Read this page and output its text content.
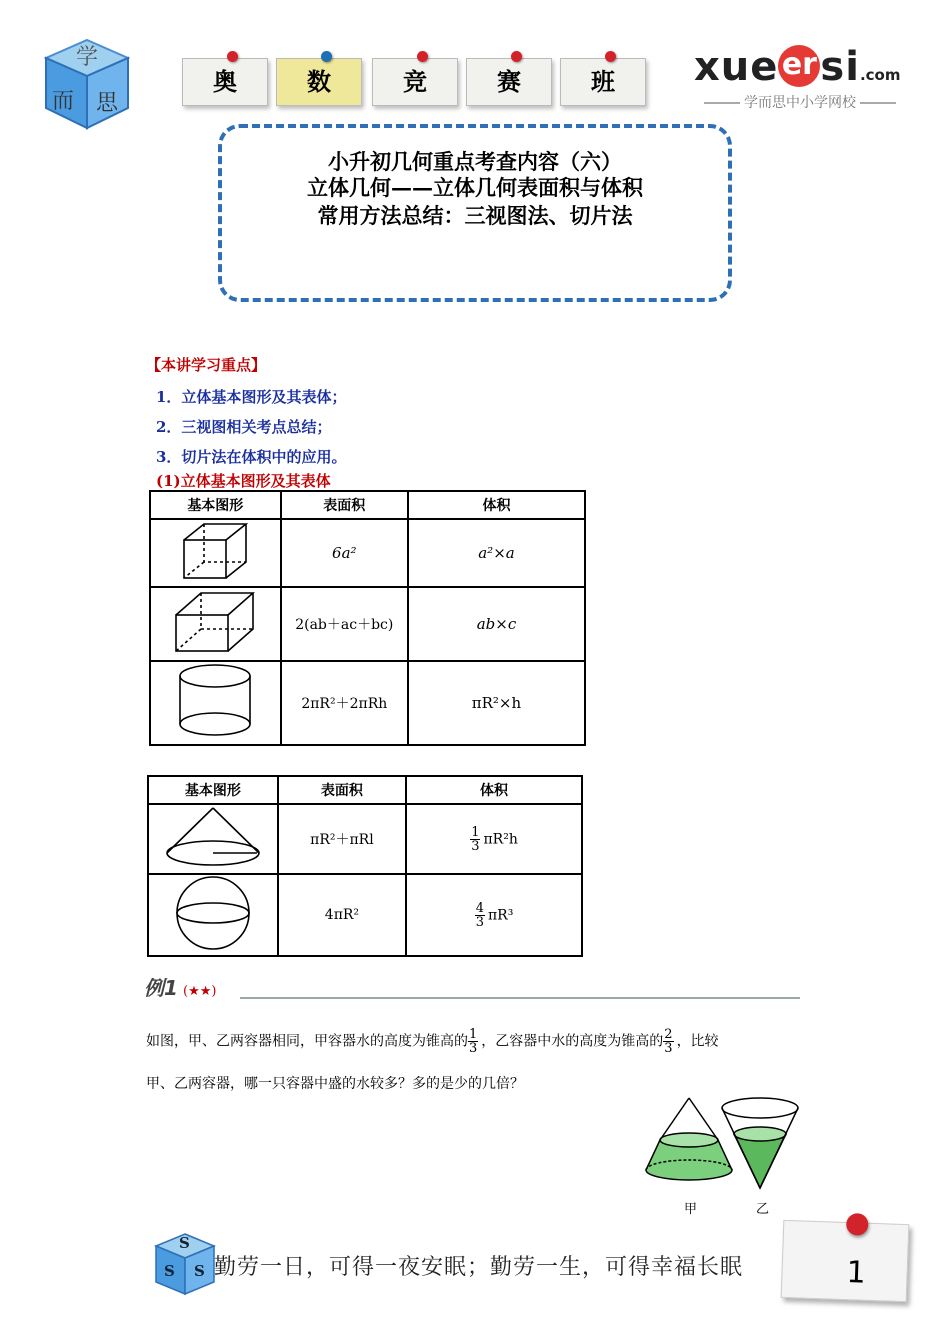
学
而 思
奥	数	竞	赛	班	xue ersi.com
学而思中小学网校
小升初几何重点考查内容（六）
立体几何——立体几何表面积与体积
常用方法总结：三视图法、切片法
【本讲学习重点】
1．立体基本图形及其表体；
2．三视图相关考点总结；
3．切片法在体积中的应用。
(1)立体基本图形及其表体
基本图形	表面积	体积
	6a²	a²×a
	2(ab＋ac＋bc)	ab×c
	2πR²＋2πRh	πR²×h
基本图形	表面积	体积
	πR²＋πRl	$\frac{1}{3} \pi R^2h$
	4πR²	$\frac{4}{3} \pi R^3$
例1 (★★)
如图，甲、乙两容器相同，甲容器水的高度为锥高的 $\frac{1}{3}$ ，乙容器中水的高度为锥高的 $\frac{2}{3}$ ，比较
甲、乙两容器，哪一只容器中盛的水较多？多的是少的几倍？
甲	乙
S
S S 勤劳一日，可得一夜安眠；勤劳一生，可得幸福长眠	1
